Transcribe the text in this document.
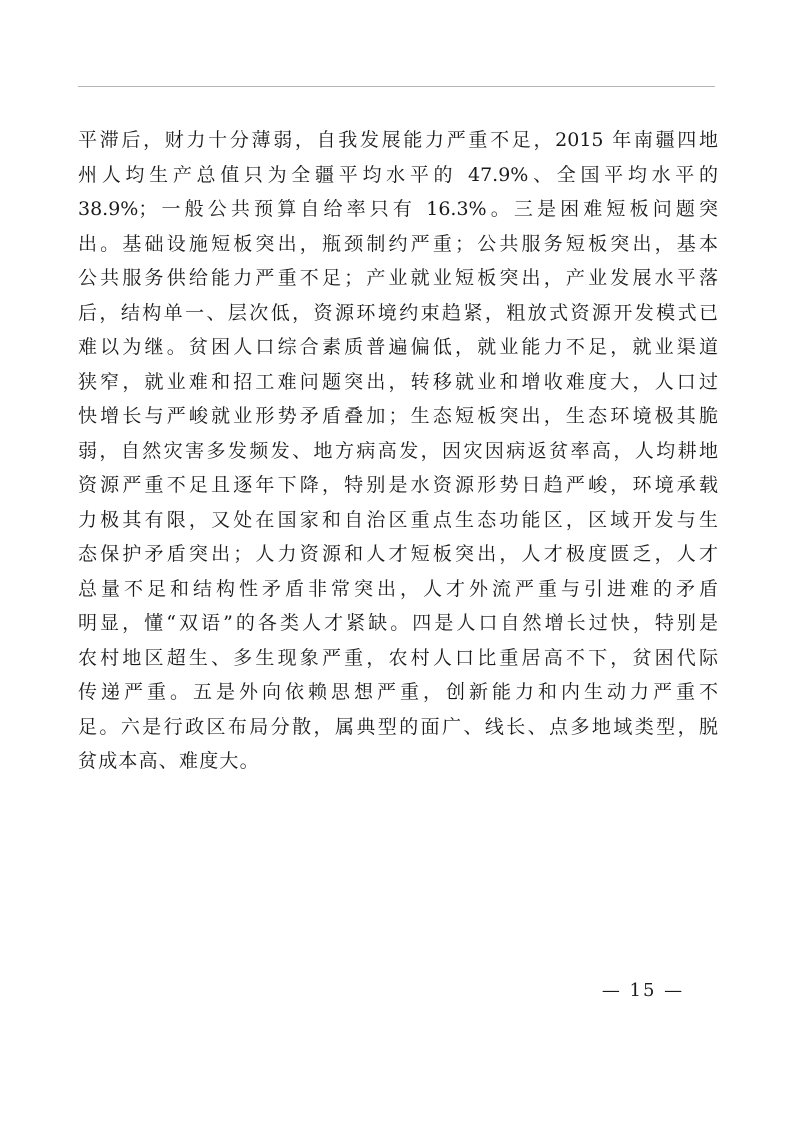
平滞后，财力十分薄弱，自我发展能力严重不足，2015 年南疆四地
州人均生产总值只为全疆平均水平的 47.9%、全国平均水平的
38.9%；一般公共预算自给率只有 16.3%。三是困难短板问题突
出。基础设施短板突出，瓶颈制约严重；公共服务短板突出，基本
公共服务供给能力严重不足；产业就业短板突出，产业发展水平落
后，结构单一、层次低，资源环境约束趋紧，粗放式资源开发模式已
难以为继。贫困人口综合素质普遍偏低，就业能力不足，就业渠道
狭窄，就业难和招工难问题突出，转移就业和增收难度大，人口过
快增长与严峻就业形势矛盾叠加；生态短板突出，生态环境极其脆
弱，自然灾害多发频发、地方病高发，因灾因病返贫率高，人均耕地
资源严重不足且逐年下降，特别是水资源形势日趋严峻，环境承载
力极其有限，又处在国家和自治区重点生态功能区，区域开发与生
态保护矛盾突出；人力资源和人才短板突出，人才极度匮乏，人才
总量不足和结构性矛盾非常突出，人才外流严重与引进难的矛盾
明显，懂“双语”的各类人才紧缺。四是人口自然增长过快，特别是
农村地区超生、多生现象严重，农村人口比重居高不下，贫困代际
传递严重。五是外向依赖思想严重，创新能力和内生动力严重不
足。六是行政区布局分散，属典型的面广、线长、点多地域类型，脱
贫成本高、难度大。
— 15 —
